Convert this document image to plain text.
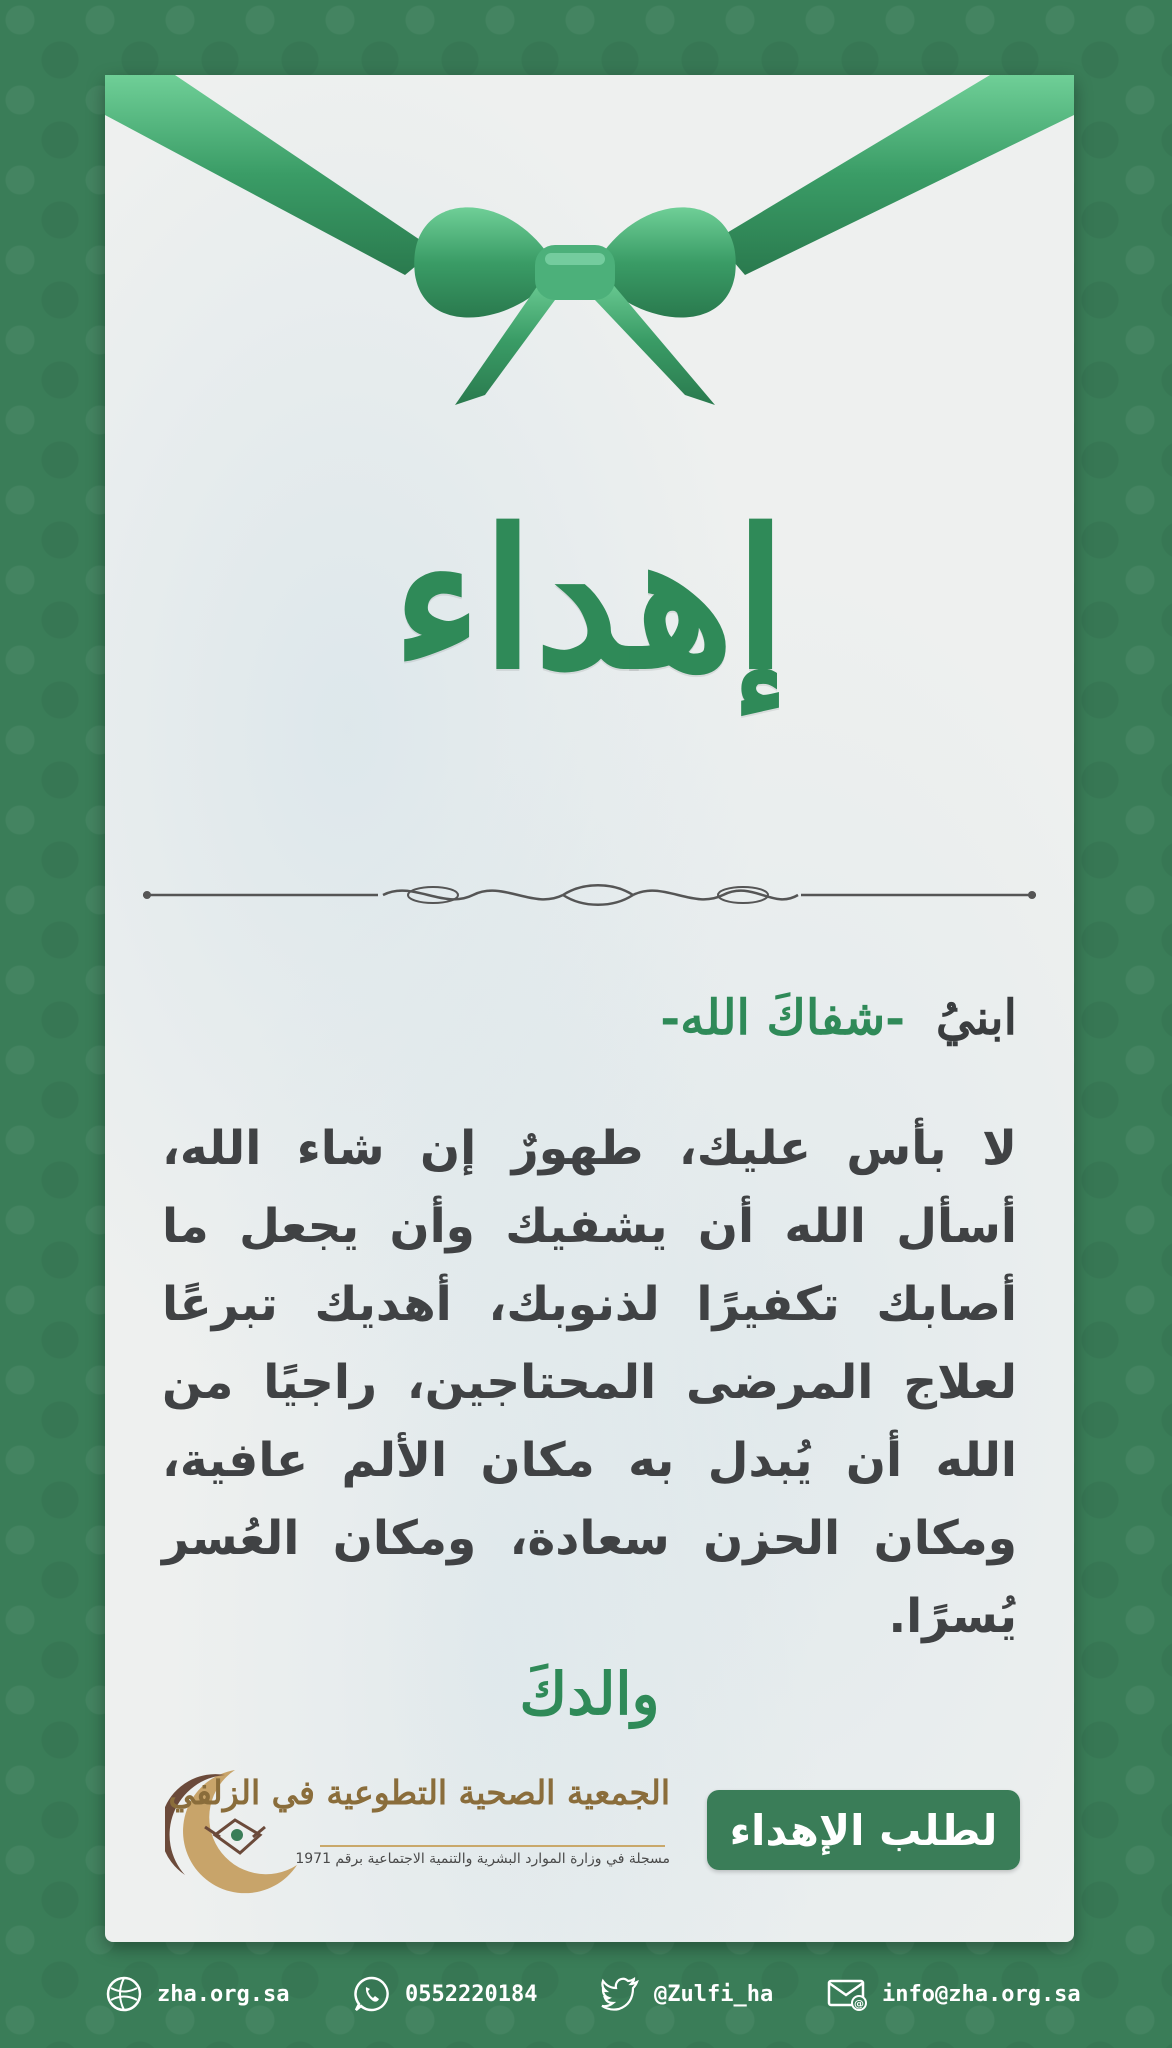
إهداء
ابنيُ -شفاكَ الله-
لا بأس عليك، طهورٌ إن شاء الله، أسأل الله أن يشفيك وأن يجعل ما أصابك تكفيرًا لذنوبك، أهديك تبرعًا لعلاج المرضى المحتاجين، راجيًا من الله أن يُبدل به مكان الألم عافية، ومكان الحزن سعادة، ومكان العُسر يُسرًا.
والدكَ
الجمعية الصحية التطوعية في الزلفي
مسجلة في وزارة الموارد البشرية والتنمية الاجتماعية برقم 1971
لطلب الإهداء
zha.org.sa	0552220184	@Zulfi_ha	@ info@zha.org.sa
